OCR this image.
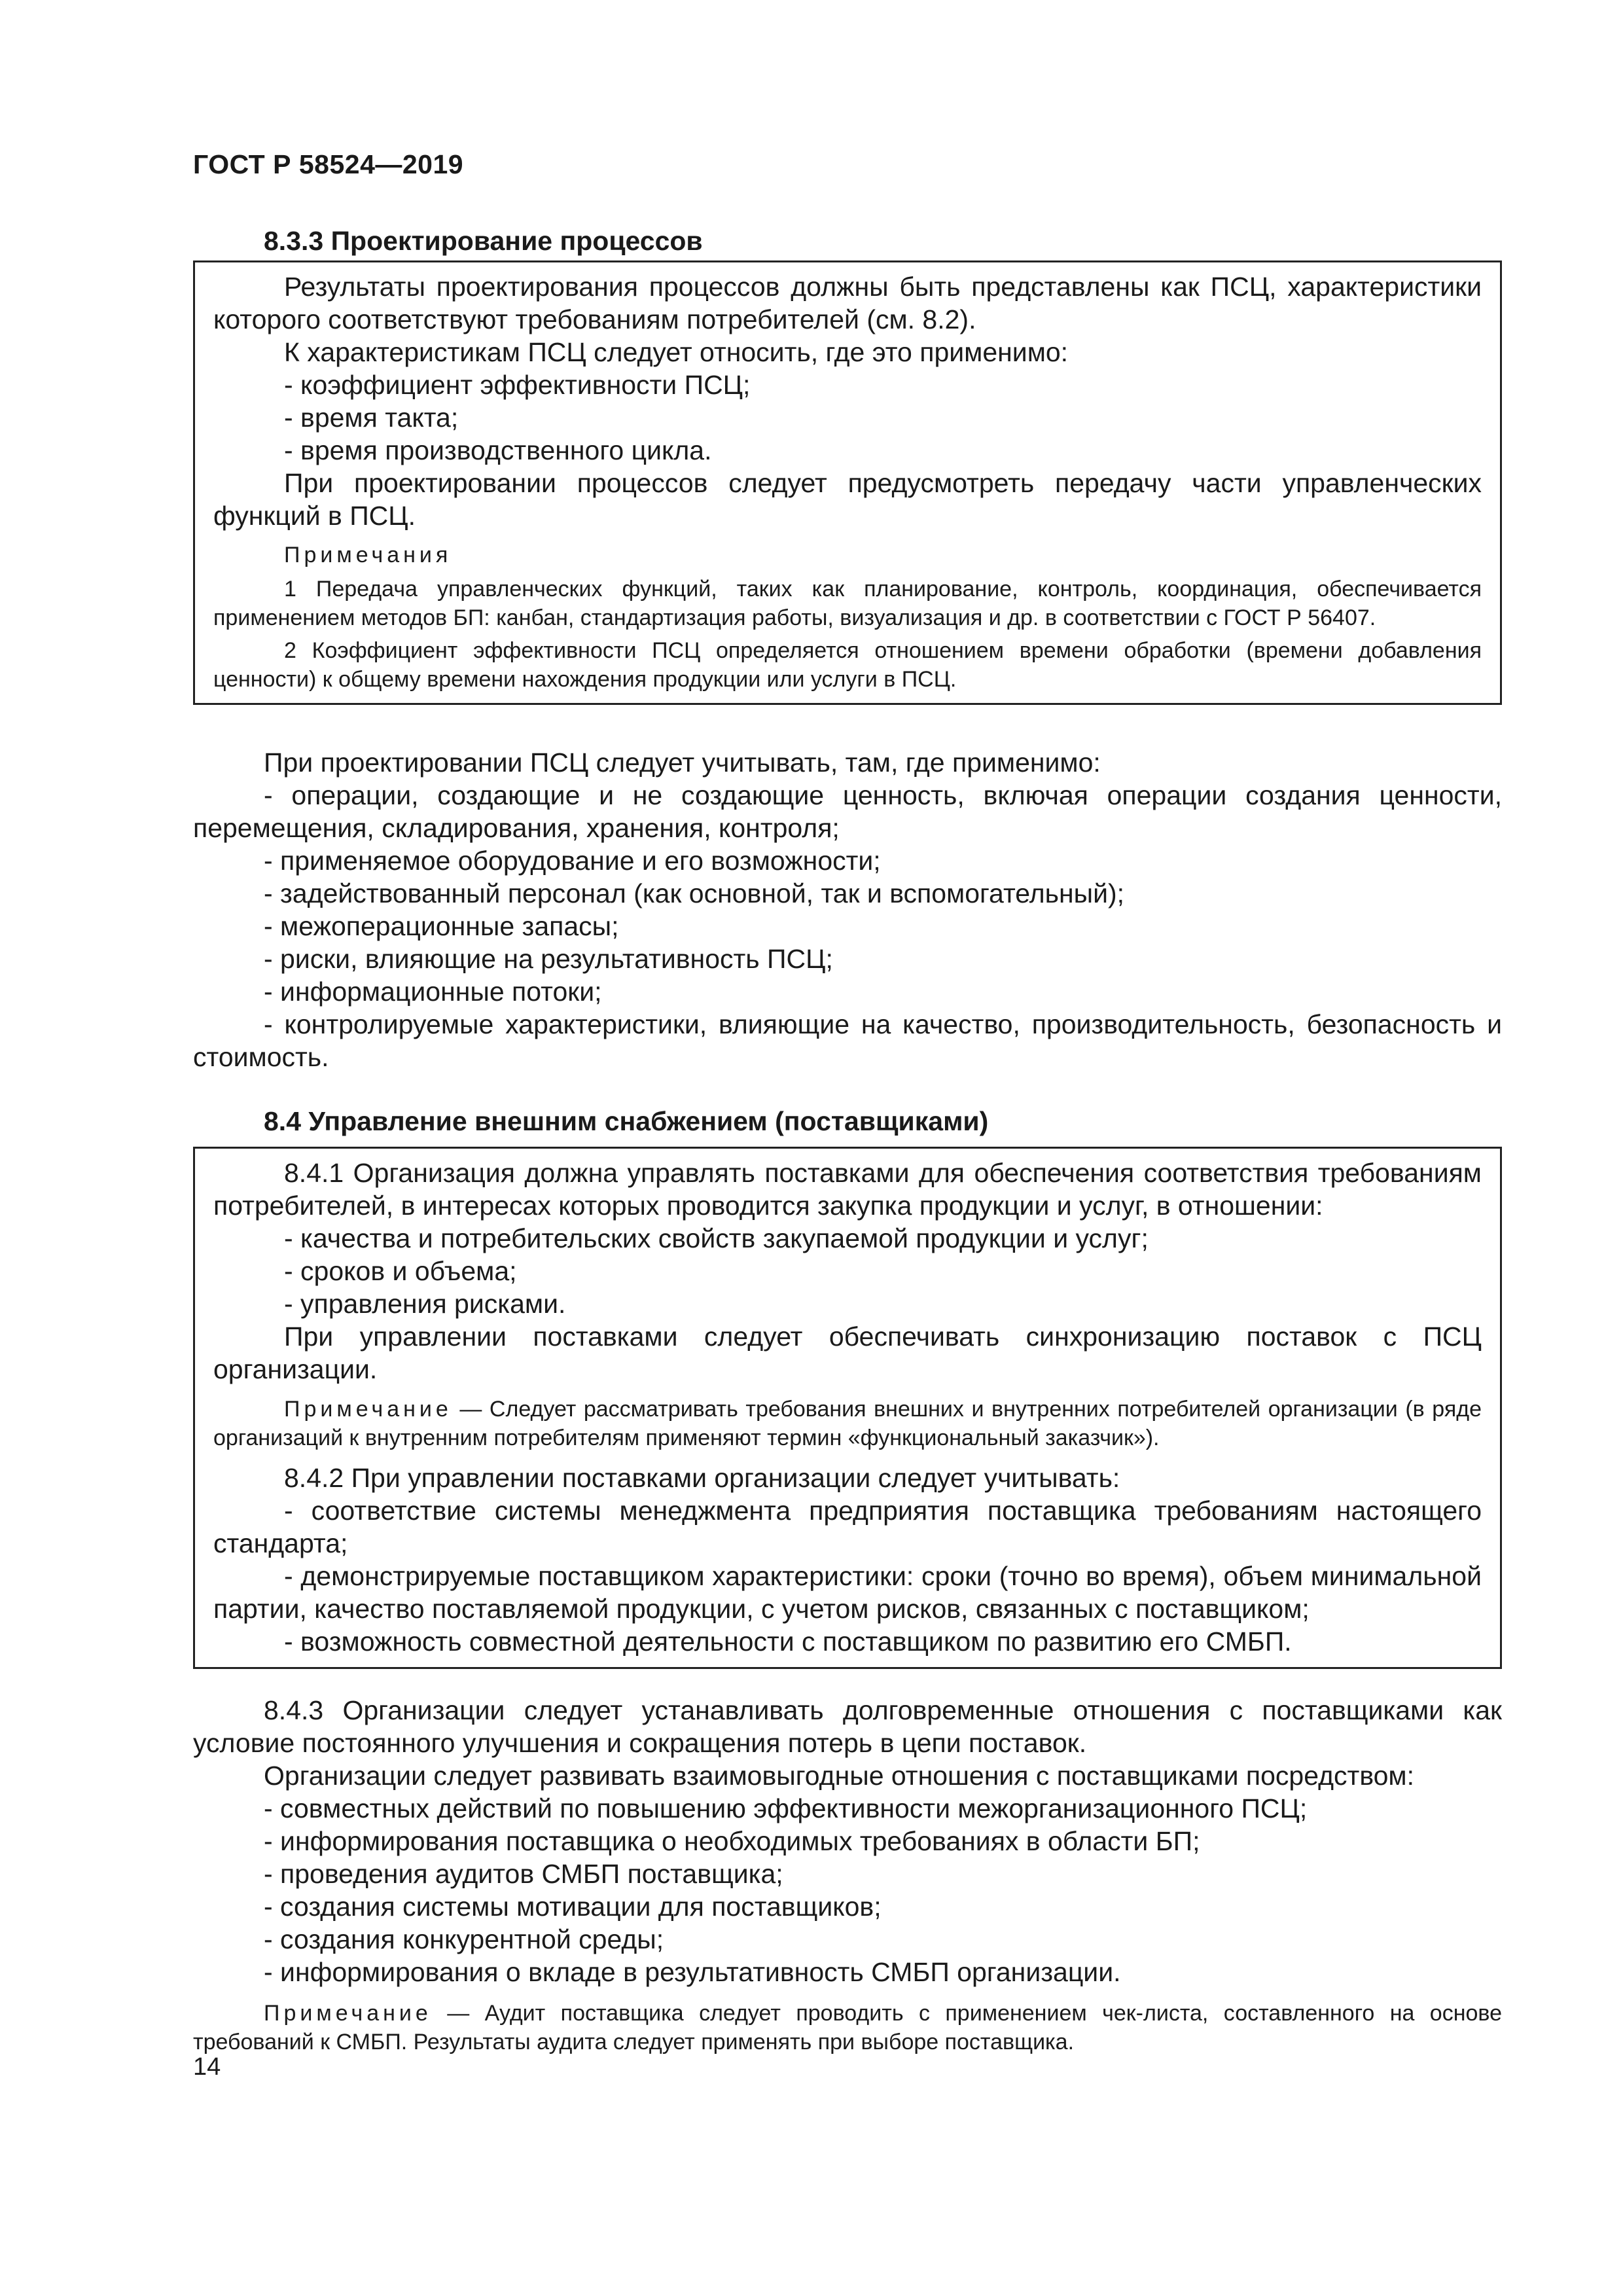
ГОСТ Р 58524—2019
8.3.3 Проектирование процессов
Результаты проектирования процессов должны быть представлены как ПСЦ, характеристики которого соответствуют требованиям потребителей (см. 8.2).
К характеристикам ПСЦ следует относить, где это применимо:
- коэффициент эффективности ПСЦ;
- время такта;
- время производственного цикла.
При проектировании процессов следует предусмотреть передачу части управленческих функций в ПСЦ.
Примечания
1 Передача управленческих функций, таких как планирование, контроль, координация, обеспечивается применением методов БП: канбан, стандартизация работы, визуализация и др. в соответствии с ГОСТ Р 56407.
2 Коэффициент эффективности ПСЦ определяется отношением времени обработки (времени добавления ценности) к общему времени нахождения продукции или услуги в ПСЦ.
При проектировании ПСЦ следует учитывать, там, где применимо:
- операции, создающие и не создающие ценность, включая операции создания ценности, перемещения, складирования, хранения, контроля;
- применяемое оборудование и его возможности;
- задействованный персонал (как основной, так и вспомогательный);
- межоперационные запасы;
- риски, влияющие на результативность ПСЦ;
- информационные потоки;
- контролируемые характеристики, влияющие на качество, производительность, безопасность и стоимость.
8.4 Управление внешним снабжением (поставщиками)
8.4.1 Организация должна управлять поставками для обеспечения соответствия требованиям потребителей, в интересах которых проводится закупка продукции и услуг, в отношении:
- качества и потребительских свойств закупаемой продукции и услуг;
- сроков и объема;
- управления рисками.
При управлении поставками следует обеспечивать синхронизацию поставок с ПСЦ организации.
Примечание — Следует рассматривать требования внешних и внутренних потребителей организации (в ряде организаций к внутренним потребителям применяют термин «функциональный заказчик»).
8.4.2 При управлении поставками организации следует учитывать:
- соответствие системы менеджмента предприятия поставщика требованиям настоящего стандарта;
- демонстрируемые поставщиком характеристики: сроки (точно во время), объем минимальной партии, качество поставляемой продукции, с учетом рисков, связанных с поставщиком;
- возможность совместной деятельности с поставщиком по развитию его СМБП.
8.4.3 Организации следует устанавливать долговременные отношения с поставщиками как условие постоянного улучшения и сокращения потерь в цепи поставок.
Организации следует развивать взаимовыгодные отношения с поставщиками посредством:
- совместных действий по повышению эффективности межорганизационного ПСЦ;
- информирования поставщика о необходимых требованиях в области БП;
- проведения аудитов СМБП поставщика;
- создания системы мотивации для поставщиков;
- создания конкурентной среды;
- информирования о вкладе в результативность СМБП организации.
Примечание — Аудит поставщика следует проводить с применением чек-листа, составленного на основе требований к СМБП. Результаты аудита следует применять при выборе поставщика.
14
